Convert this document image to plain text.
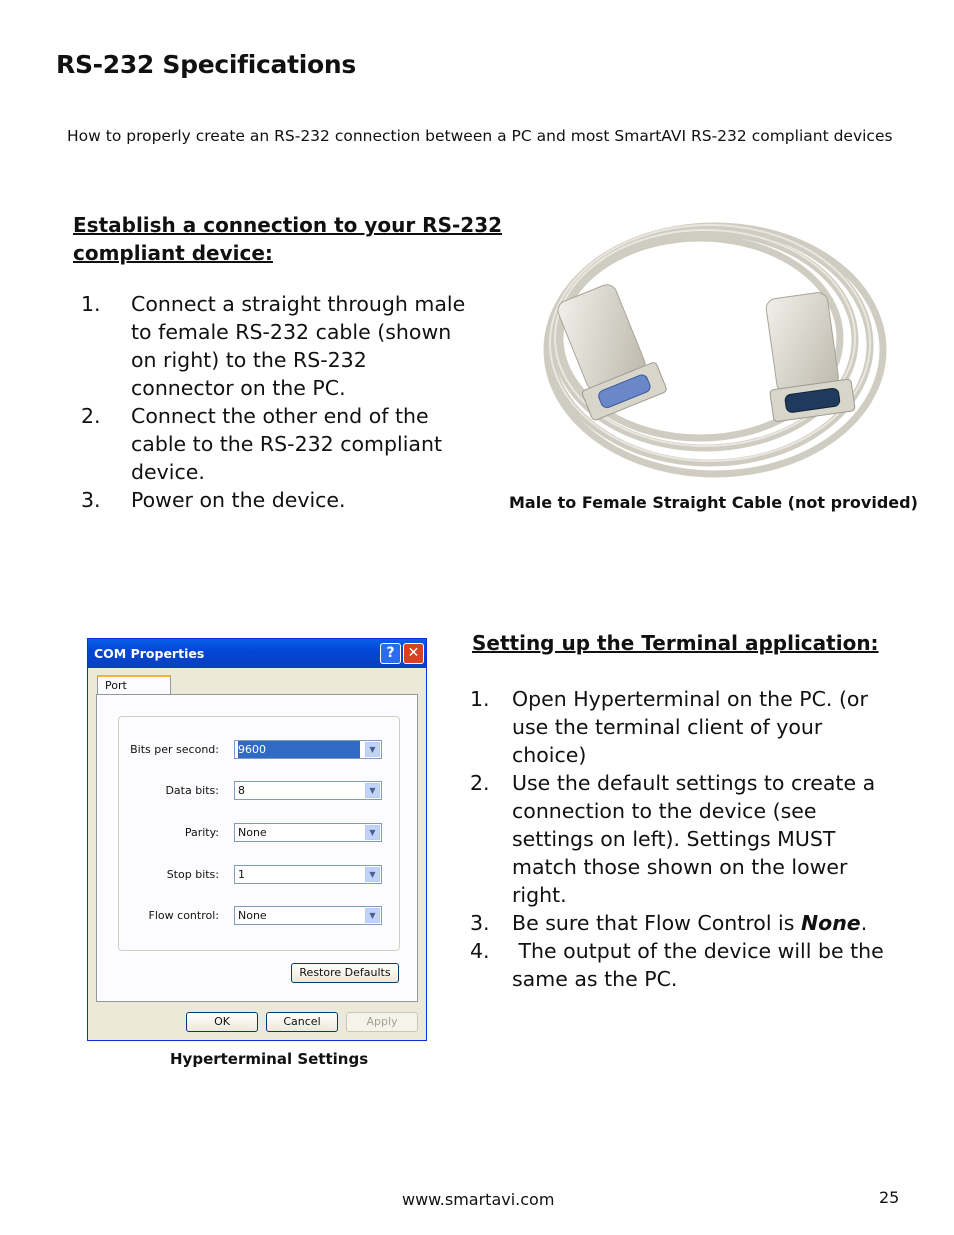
RS-232 Specifications
How to properly create an RS-232 connection between a PC and most SmartAVI RS-232 compliant devices
Establish a connection to your RS-232
compliant device:
1. Connect a straight through male to female RS-232 cable (shown on right) to the RS-232 connector on the PC.
2. Connect the other end of the cable to the RS-232 compliant device.
3. Power on the device.	Male to Female Straight Cable (not provided)
Setting up the Terminal application:
1. Open Hyperterminal on the PC. (or use the terminal client of your choice)
2. Use the default settings to create a connection to the device (see settings on left). Settings MUST match those shown on the lower right.
3. Be sure that Flow Control is None.
4. The output of the device will be the same as the PC.
COM Properties	? ✕
Port
Bits per second:	9600	▼
Data bits:	8	▼
Parity:	None	▼
Stop bits:	1	▼
Flow control:	None	▼
Restore Defaults
OK	Cancel	Apply
Hyperterminal Settings
www.smartavi.com	25
